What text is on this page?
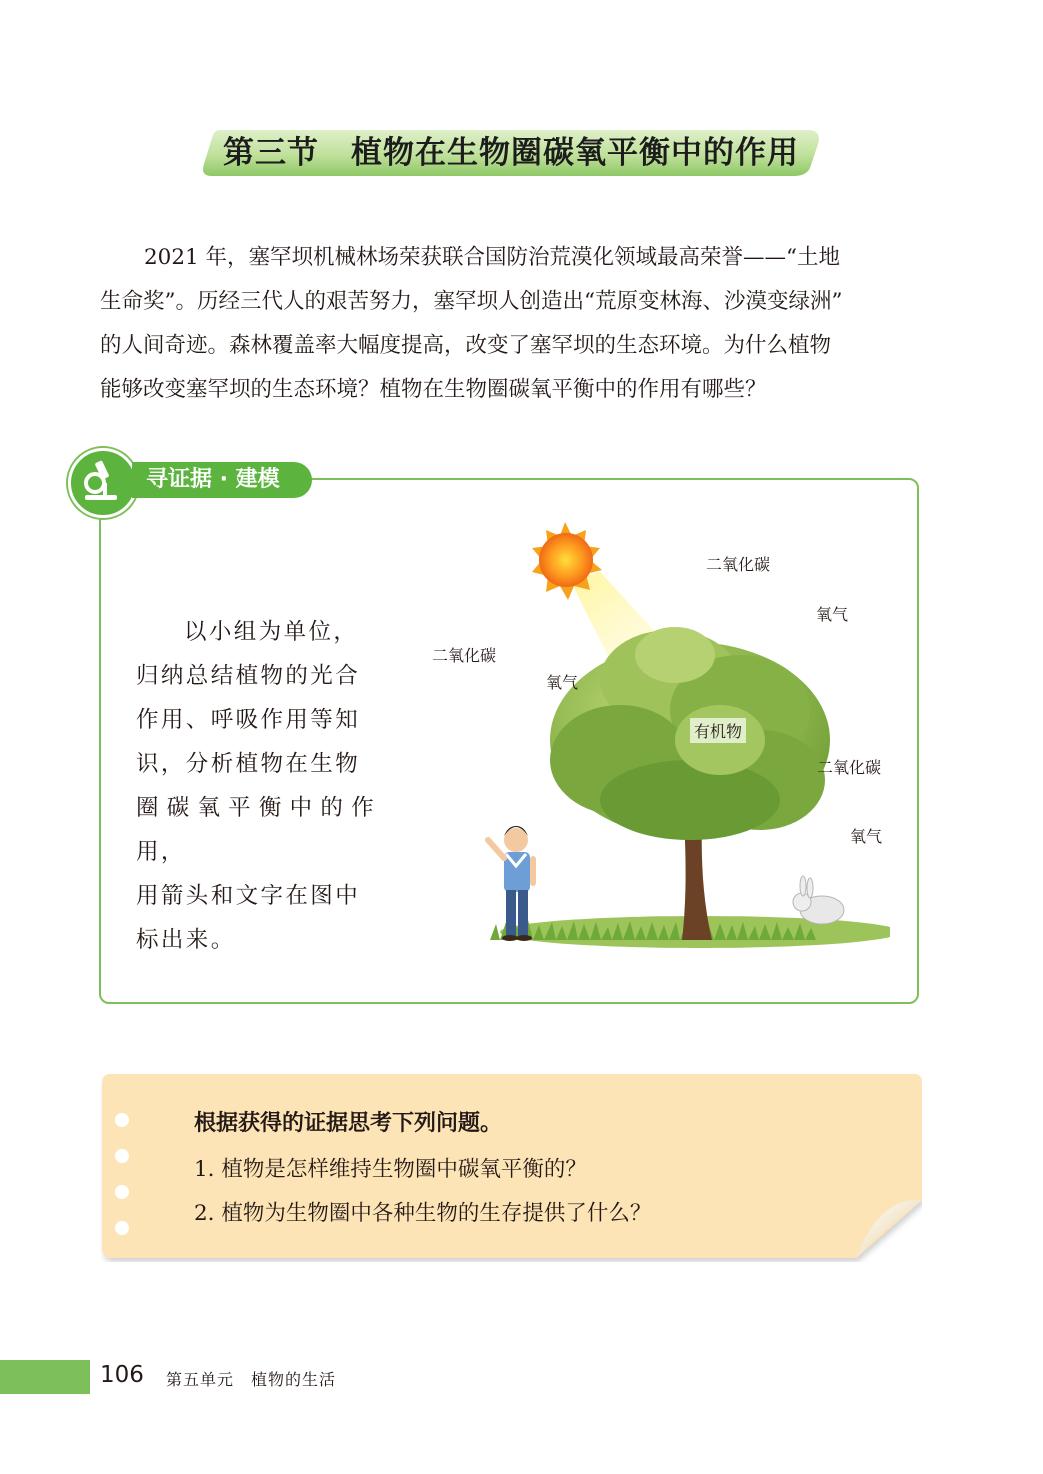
第三节　植物在生物圈碳氧平衡中的作用
2021 年，塞罕坝机械林场荣获联合国防治荒漠化领域最高荣誉——“土地
生命奖”。历经三代人的艰苦努力，塞罕坝人创造出“荒原变林海、沙漠变绿洲”
的人间奇迹。森林覆盖率大幅度提高，改变了塞罕坝的生态环境。为什么植物
能够改变塞罕坝的生态环境？植物在生物圈碳氧平衡中的作用有哪些？
寻证据 · 建模
以小组为单位，
归纳总结植物的光合
作用、呼吸作用等知
识，分析植物在生物
圈碳氧平衡中的作用，
用箭头和文字在图中
标出来。
二氧化碳
氧气
二氧化碳
氧气
有机物
二氧化碳
氧气

根据获得的证据思考下列问题。

1. 植物是怎样维持生物圈中碳氧平衡的？

2. 植物为生物圈中各种生物的生存提供了什么？

106 第五单元　植物的生活
